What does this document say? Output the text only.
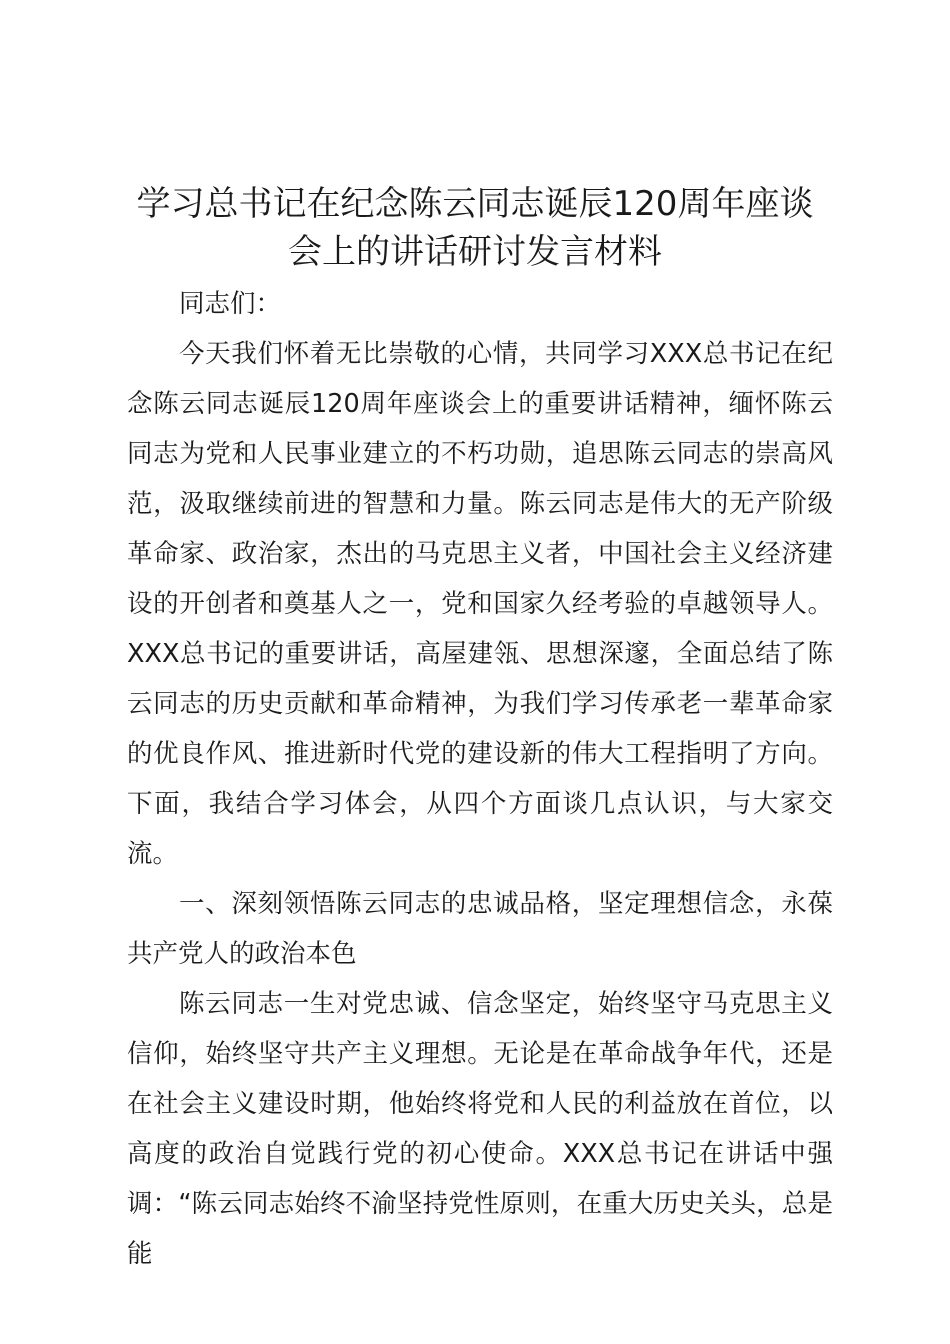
学习总书记在纪念陈云同志诞辰120周年座谈会上的讲话研讨发言材料

同志们：

今天我们怀着无比崇敬的心情，共同学习XXX总书记在纪念陈云同志诞辰120周年座谈会上的重要讲话精神，缅怀陈云同志为党和人民事业建立的不朽功勋，追思陈云同志的崇高风范，汲取继续前进的智慧和力量。陈云同志是伟大的无产阶级革命家、政治家，杰出的马克思主义者，中国社会主义经济建设的开创者和奠基人之一，党和国家久经考验的卓越领导人。XXX总书记的重要讲话，高屋建瓴、思想深邃，全面总结了陈云同志的历史贡献和革命精神，为我们学习传承老一辈革命家的优良作风、推进新时代党的建设新的伟大工程指明了方向。下面，我结合学习体会，从四个方面谈几点认识，与大家交流。

一、深刻领悟陈云同志的忠诚品格，坚定理想信念，永葆共产党人的政治本色

陈云同志一生对党忠诚、信念坚定，始终坚守马克思主义信仰，始终坚守共产主义理想。无论是在革命战争年代，还是在社会主义建设时期，他始终将党和人民的利益放在首位，以高度的政治自觉践行党的初心使命。XXX总书记在讲话中强调：“陈云同志始终不渝坚持党性原则，在重大历史关头，总是能
